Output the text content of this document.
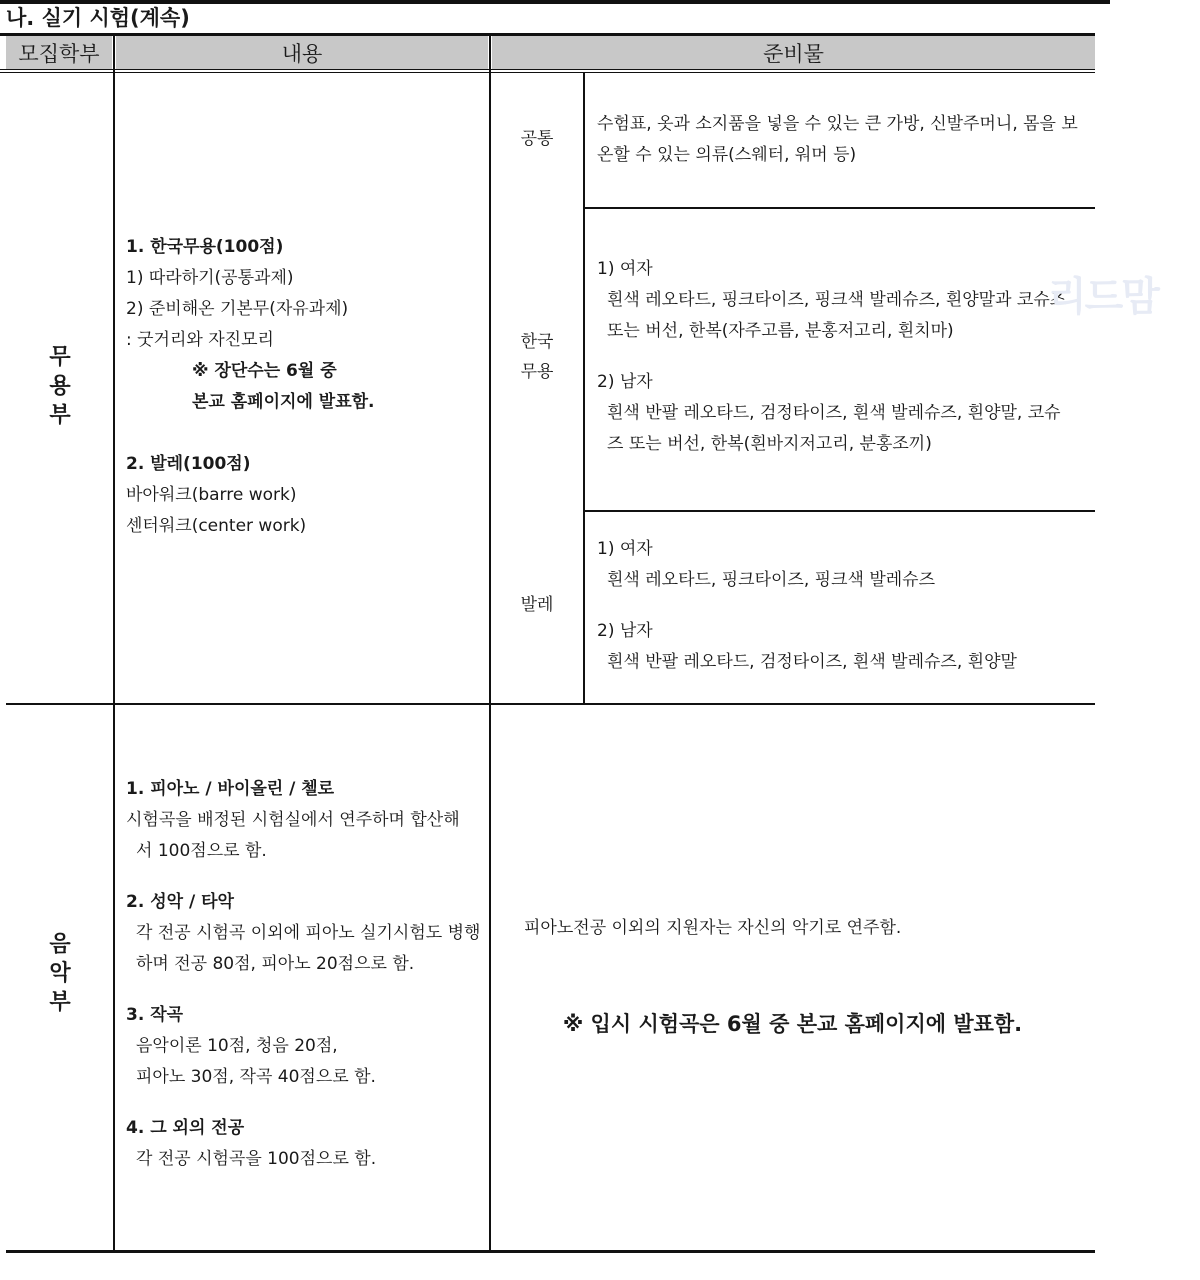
나. 실기 시험(계속)
모집학부	내용	준비물
무용부
1. 한국무용(100점)
1) 따라하기(공통과제)
2) 준비해온 기본무(자유과제)
: 굿거리와 자진모리
※ 장단수는 6월 중
본교 홈페이지에 발표함.
2. 발레(100점)
바아워크(barre work)
센터워크(center work)
공통
수험표, 옷과 소지품을 넣을 수 있는 큰 가방, 신발주머니, 몸을 보
온할 수 있는 의류(스웨터, 워머 등)
한국
무용
1) 여자
흰색 레오타드, 핑크타이즈, 핑크색 발레슈즈, 흰양말과 코슈즈
또는 버선, 한복(자주고름, 분홍저고리, 흰치마)
2) 남자
흰색 반팔 레오타드, 검정타이즈, 흰색 발레슈즈, 흰양말, 코슈
즈 또는 버선, 한복(흰바지저고리, 분홍조끼)
발레
1) 여자
흰색 레오타드, 핑크타이즈, 핑크색 발레슈즈
2) 남자
흰색 반팔 레오타드, 검정타이즈, 흰색 발레슈즈, 흰양말
음악부
1. 피아노 / 바이올린 / 첼로
시험곡을 배정된 시험실에서 연주하며 합산해
서 100점으로 함.
2. 성악 / 타악
각 전공 시험곡 이외에 피아노 실기시험도 병행
하며 전공 80점, 피아노 20점으로 함.
3. 작곡
음악이론 10점, 청음 20점,
피아노 30점, 작곡 40점으로 함.
4. 그 외의 전공
각 전공 시험곡을 100점으로 함.
피아노전공 이외의 지원자는 자신의 악기로 연주함.
※ 입시 시험곡은 6월 중 본교 홈페이지에 발표함.
리드맘
